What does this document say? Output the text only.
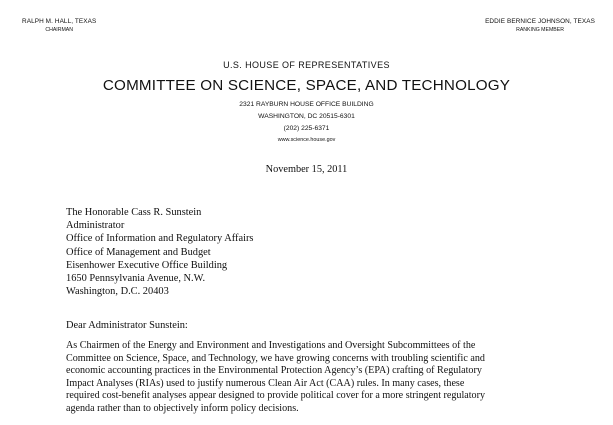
RALPH M. HALL, TEXAS
CHAIRMAN
EDDIE BERNICE JOHNSON, TEXAS
RANKING MEMBER
U.S. HOUSE OF REPRESENTATIVES
COMMITTEE ON SCIENCE, SPACE, AND TECHNOLOGY
2321 RAYBURN HOUSE OFFICE BUILDING
WASHINGTON, DC 20515-6301
(202) 225-6371
www.science.house.gov
November 15, 2011
The Honorable Cass R. Sunstein
Administrator
Office of Information and Regulatory Affairs
Office of Management and Budget
Eisenhower Executive Office Building
1650 Pennsylvania Avenue, N.W.
Washington, D.C. 20403
Dear Administrator Sunstein:
As Chairmen of the Energy and Environment and Investigations and Oversight Subcommittees of the
Committee on Science, Space, and Technology, we have growing concerns with troubling scientific and
economic accounting practices in the Environmental Protection Agency’s (EPA) crafting of Regulatory
Impact Analyses (RIAs) used to justify numerous Clean Air Act (CAA) rules. In many cases, these
required cost-benefit analyses appear designed to provide political cover for a more stringent regulatory
agenda rather than to objectively inform policy decisions.
